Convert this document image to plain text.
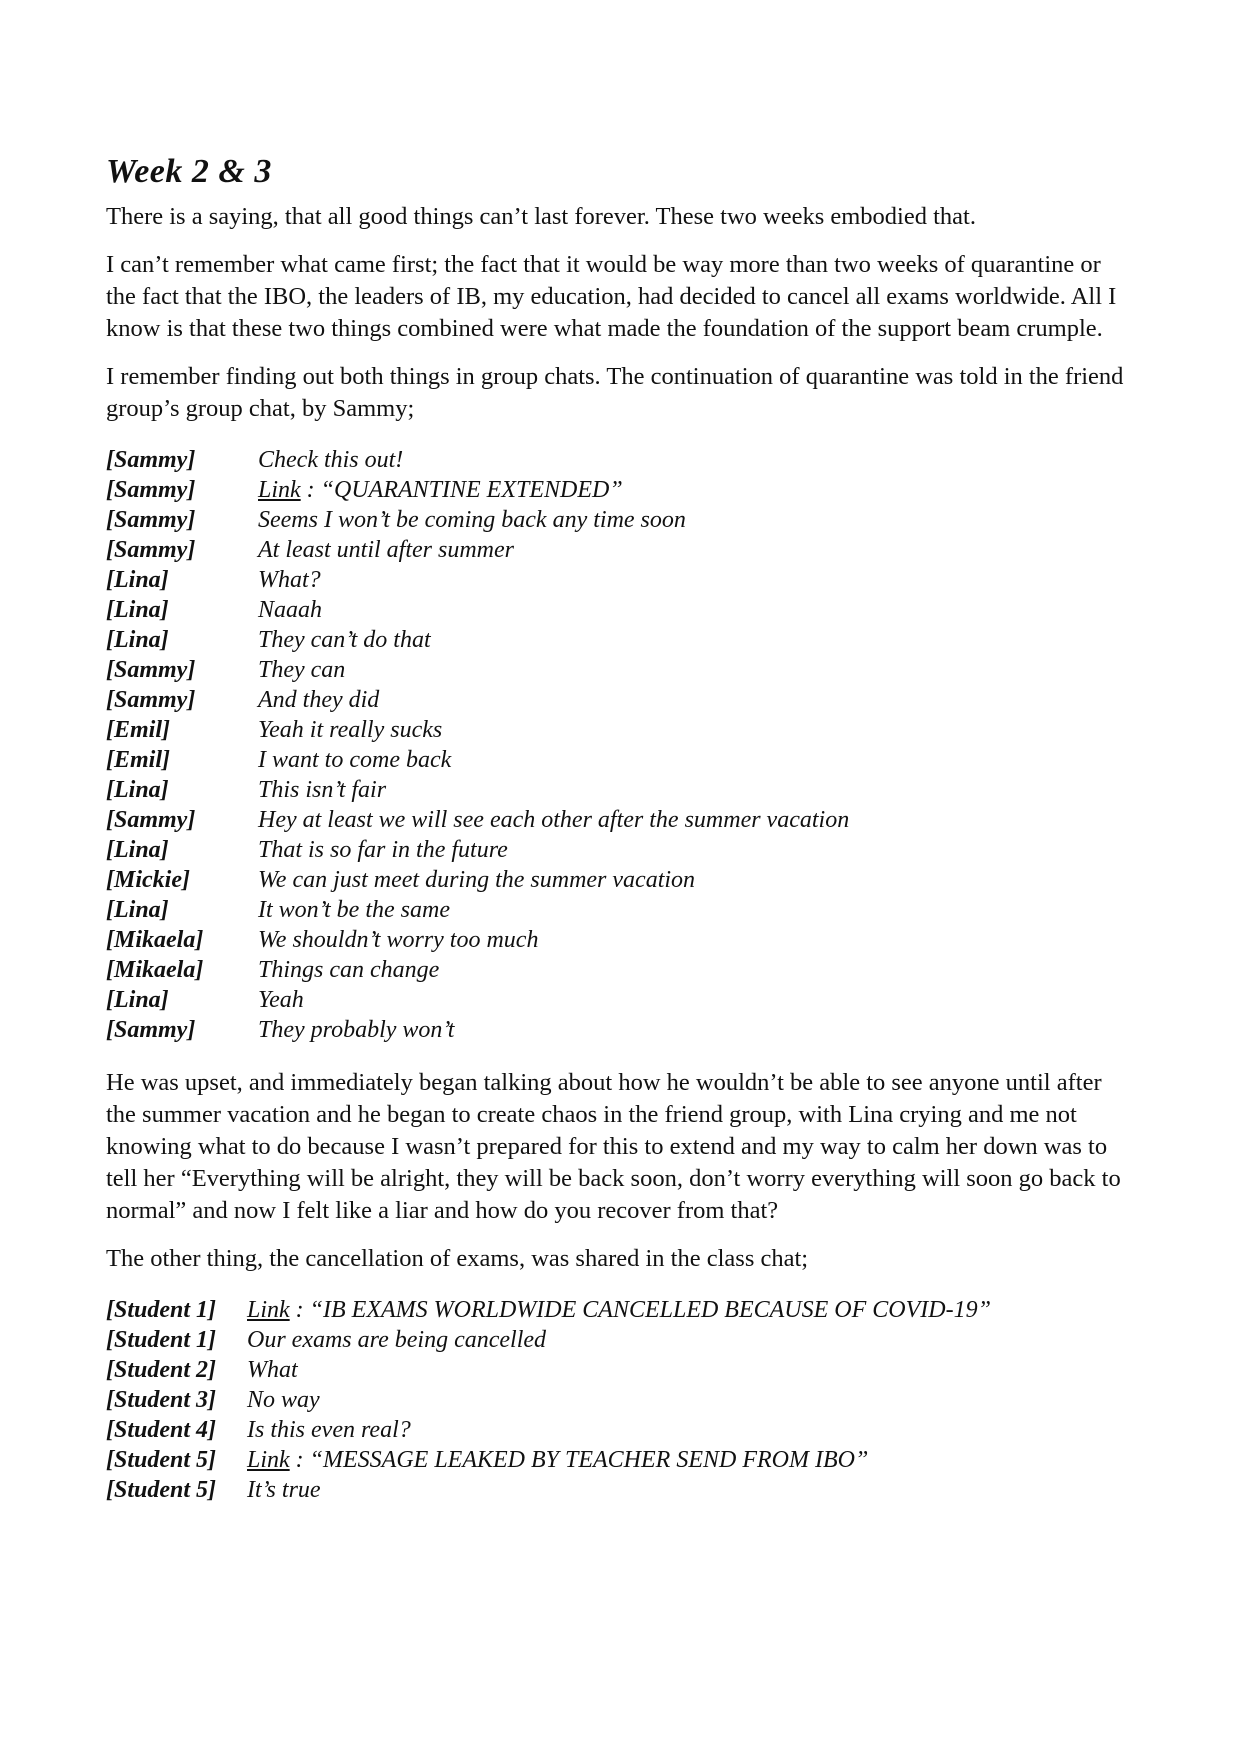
Week 2 & 3

There is a saying, that all good things can’t last forever. These two weeks embodied that.

I can’t remember what came first; the fact that it would be way more than two weeks of quarantine or the fact that the IBO, the leaders of IB, my education, had decided to cancel all exams worldwide. All I know is that these two things combined were what made the foundation of the support beam crumple.

I remember finding out both things in group chats. The continuation of quarantine was told in the friend group’s group chat, by Sammy;

[Sammy]	Check this out!
[Sammy]	Link : “QUARANTINE EXTENDED”
[Sammy]	Seems I won’t be coming back any time soon
[Sammy]	At least until after summer
[Lina]	What?
[Lina]	Naaah
[Lina]	They can’t do that
[Sammy]	They can
[Sammy]	And they did
[Emil]	Yeah it really sucks
[Emil]	I want to come back
[Lina]	This isn’t fair
[Sammy]	Hey at least we will see each other after the summer vacation
[Lina]	That is so far in the future
[Mickie]	We can just meet during the summer vacation
[Lina]	It won’t be the same
[Mikaela]	We shouldn’t worry too much
[Mikaela]	Things can change
[Lina]	Yeah
[Sammy]	They probably won’t

He was upset, and immediately began talking about how he wouldn’t be able to see anyone until after the summer vacation and he began to create chaos in the friend group, with Lina crying and me not knowing what to do because I wasn’t prepared for this to extend and my way to calm her down was to tell her “Everything will be alright, they will be back soon, don’t worry everything will soon go back to normal” and now I felt like a liar and how do you recover from that?

The other thing, the cancellation of exams, was shared in the class chat;

[Student 1]	Link : “IB EXAMS WORLDWIDE CANCELLED BECAUSE OF COVID-19”
[Student 1]	Our exams are being cancelled
[Student 2]	What
[Student 3]	No way
[Student 4]	Is this even real?
[Student 5]	Link : “MESSAGE LEAKED BY TEACHER SEND FROM IBO”
[Student 5]	It’s true
